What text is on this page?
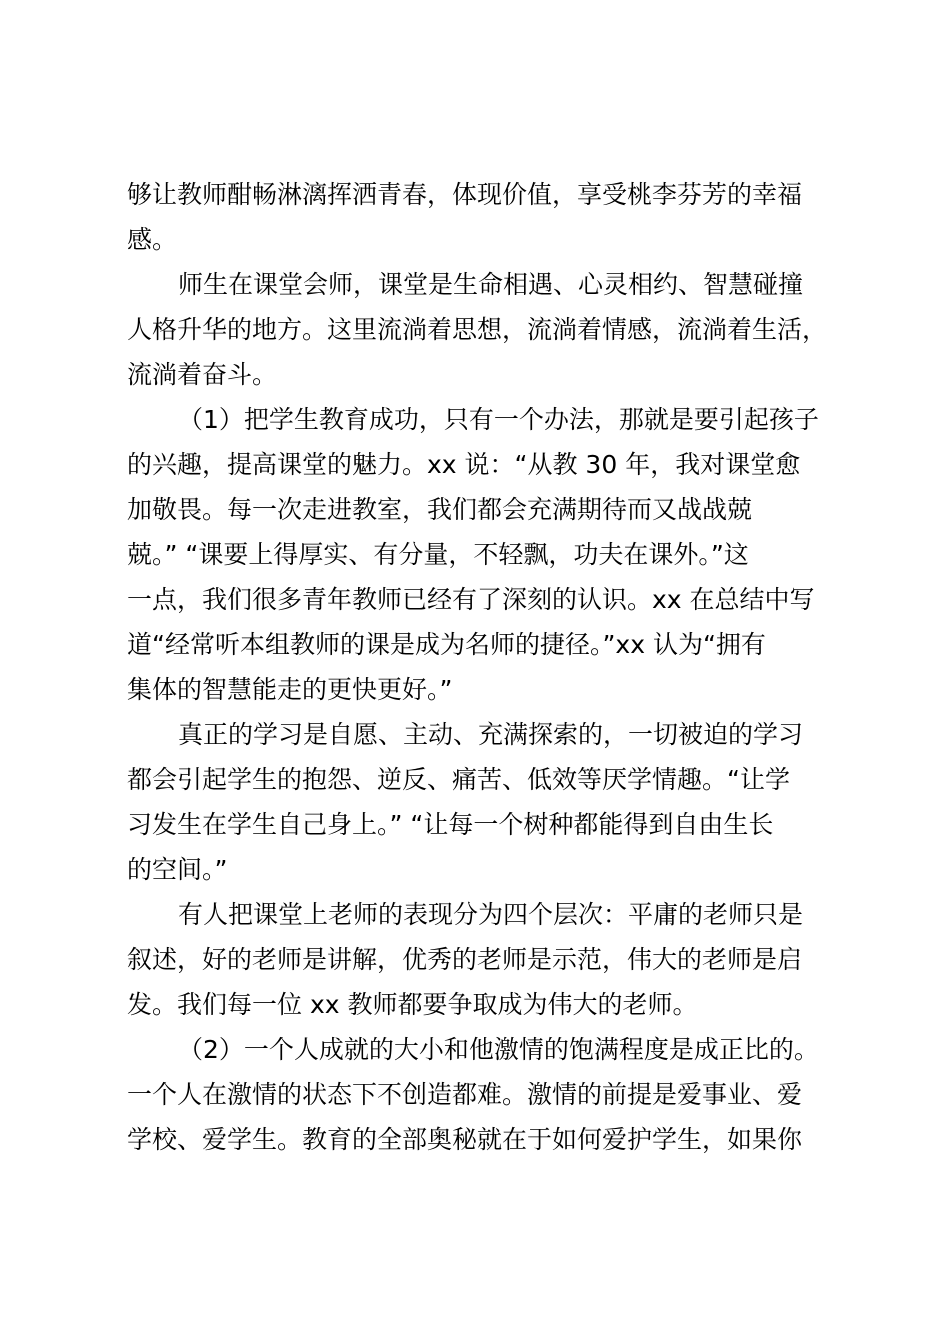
够让教师酣畅淋漓挥洒青春，体现价值，享受桃李芬芳的幸福
感。
师生在课堂会师，课堂是生命相遇、心灵相约、智慧碰撞
人格升华的地方。这里流淌着思想，流淌着情感，流淌着生活，
流淌着奋斗。
（1）把学生教育成功，只有一个办法，那就是要引起孩子
的兴趣，提高课堂的魅力。xx 说：“从教 30 年，我对课堂愈
加敬畏。每一次走进教室，我们都会充满期待而又战战兢
兢。” “课要上得厚实、有分量，不轻飘，功夫在课外。”这
一点，我们很多青年教师已经有了深刻的认识。xx 在总结中写
道“经常听本组教师的课是成为名师的捷径。”xx 认为“拥有
集体的智慧能走的更快更好。”
真正的学习是自愿、主动、充满探索的，一切被迫的学习
都会引起学生的抱怨、逆反、痛苦、低效等厌学情趣。“让学
习发生在学生自己身上。” “让每一个树种都能得到自由生长
的空间。”
有人把课堂上老师的表现分为四个层次：平庸的老师只是
叙述，好的老师是讲解，优秀的老师是示范，伟大的老师是启
发。我们每一位 xx 教师都要争取成为伟大的老师。
（2）一个人成就的大小和他激情的饱满程度是成正比的。
一个人在激情的状态下不创造都难。激情的前提是爱事业、爱
学校、爱学生。教育的全部奥秘就在于如何爱护学生，如果你
